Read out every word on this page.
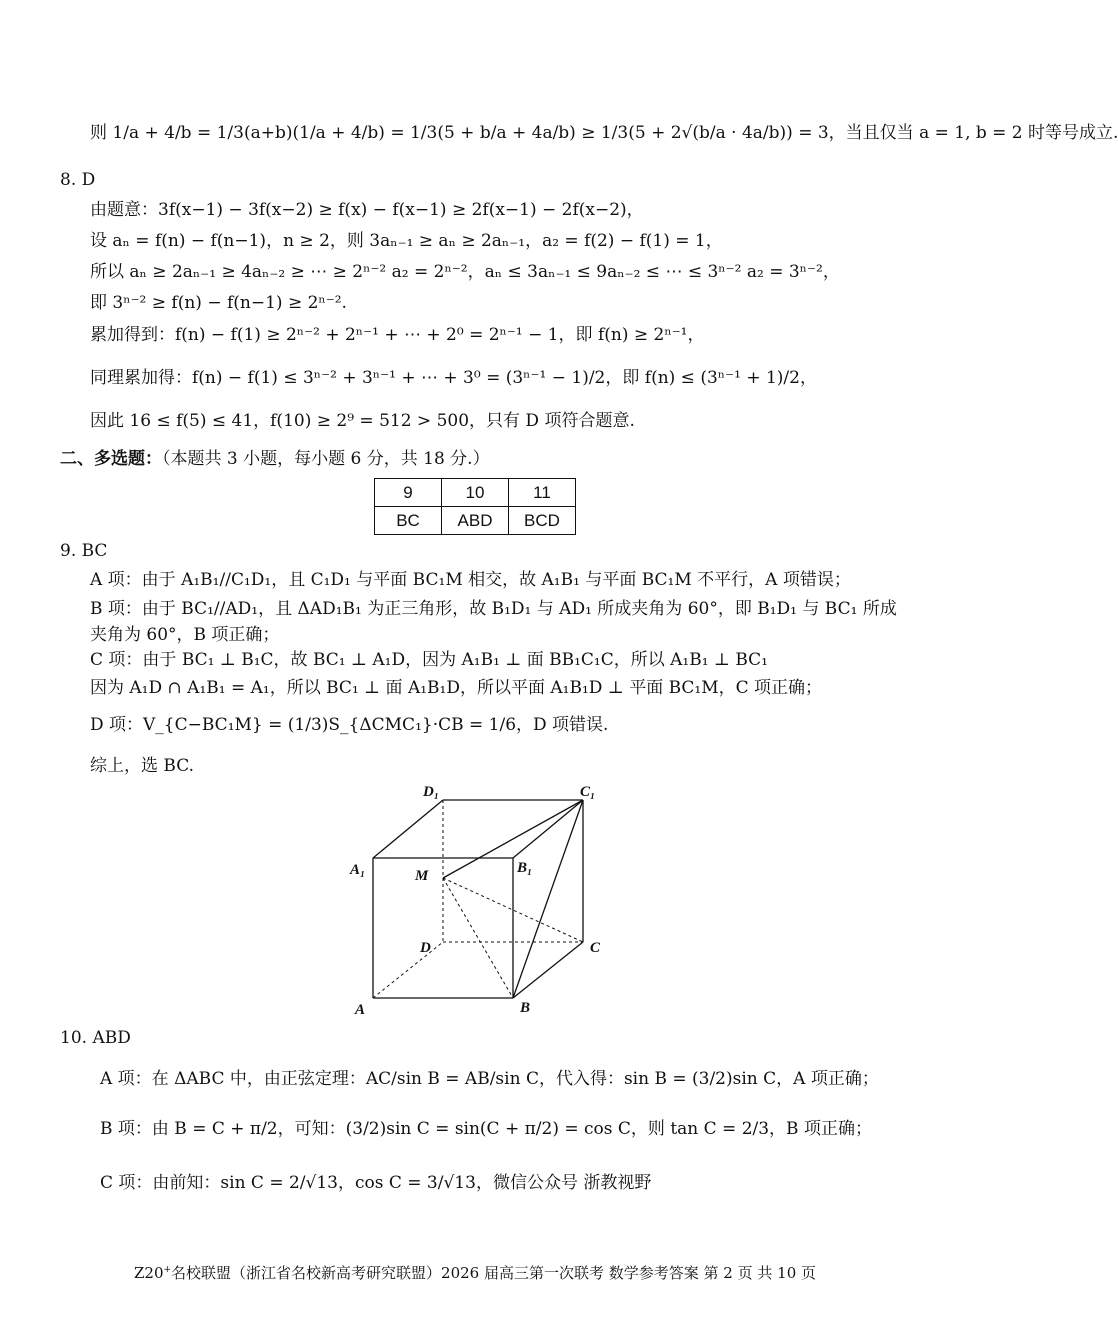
则 1/a + 4/b = 1/3(a+b)(1/a + 4/b) = 1/3(5 + b/a + 4a/b) ≥ 1/3(5 + 2√(b/a · 4a/b)) = 3，当且仅当 a = 1, b = 2 时等号成立.
8. D
由题意：3f(x−1) − 3f(x−2) ≥ f(x) − f(x−1) ≥ 2f(x−1) − 2f(x−2)，
设 aₙ = f(n) − f(n−1)，n ≥ 2，则 3aₙ₋₁ ≥ aₙ ≥ 2aₙ₋₁，a₂ = f(2) − f(1) = 1，
所以 aₙ ≥ 2aₙ₋₁ ≥ 4aₙ₋₂ ≥ ⋯ ≥ 2ⁿ⁻² a₂ = 2ⁿ⁻²，aₙ ≤ 3aₙ₋₁ ≤ 9aₙ₋₂ ≤ ⋯ ≤ 3ⁿ⁻² a₂ = 3ⁿ⁻²，
即 3ⁿ⁻² ≥ f(n) − f(n−1) ≥ 2ⁿ⁻².
累加得到：f(n) − f(1) ≥ 2ⁿ⁻² + 2ⁿ⁻¹ + ⋯ + 2⁰ = 2ⁿ⁻¹ − 1，即 f(n) ≥ 2ⁿ⁻¹，
同理累加得：f(n) − f(1) ≤ 3ⁿ⁻² + 3ⁿ⁻¹ + ⋯ + 3⁰ = (3ⁿ⁻¹ − 1)/2，即 f(n) ≤ (3ⁿ⁻¹ + 1)/2，
因此 16 ≤ f(5) ≤ 41，f(10) ≥ 2⁹ = 512 > 500，只有 D 项符合题意.
二、多选题：（本题共 3 小题，每小题 6 分，共 18 分.）
9	10	11
BC	ABD	BCD
9. BC
A 项：由于 A₁B₁//C₁D₁，且 C₁D₁ 与平面 BC₁M 相交，故 A₁B₁ 与平面 BC₁M 不平行，A 项错误；
B 项：由于 BC₁//AD₁，且 ΔAD₁B₁ 为正三角形，故 B₁D₁ 与 AD₁ 所成夹角为 60°，即 B₁D₁ 与 BC₁ 所成
夹角为 60°，B 项正确；
C 项：由于 BC₁ ⊥ B₁C，故 BC₁ ⊥ A₁D，因为 A₁B₁ ⊥ 面 BB₁C₁C，所以 A₁B₁ ⊥ BC₁
因为 A₁D ∩ A₁B₁ = A₁，所以 BC₁ ⊥ 面 A₁B₁D，所以平面 A₁B₁D ⊥ 平面 BC₁M，C 项正确；
D 项：V_{C−BC₁M} = (1/3)S_{ΔCMC₁}·CB = 1/6，D 项错误.
综上，选 BC.
D₁	C₁
A₁	B₁
M
D	C
A	B
10. ABD
A 项：在 ΔABC 中，由正弦定理：AC/sin B = AB/sin C，代入得：sin B = (3/2)sin C，A 项正确；
B 项：由 B = C + π/2，可知：(3/2)sin C = sin(C + π/2) = cos C，则 tan C = 2/3，B 项正确；
C 项：由前知：sin C = 2/√13，cos C = 3/√13，微信公众号 浙教视野
Z20+名校联盟（浙江省名校新高考研究联盟）2026 届高三第一次联考 数学参考答案 第 2 页 共 10 页
